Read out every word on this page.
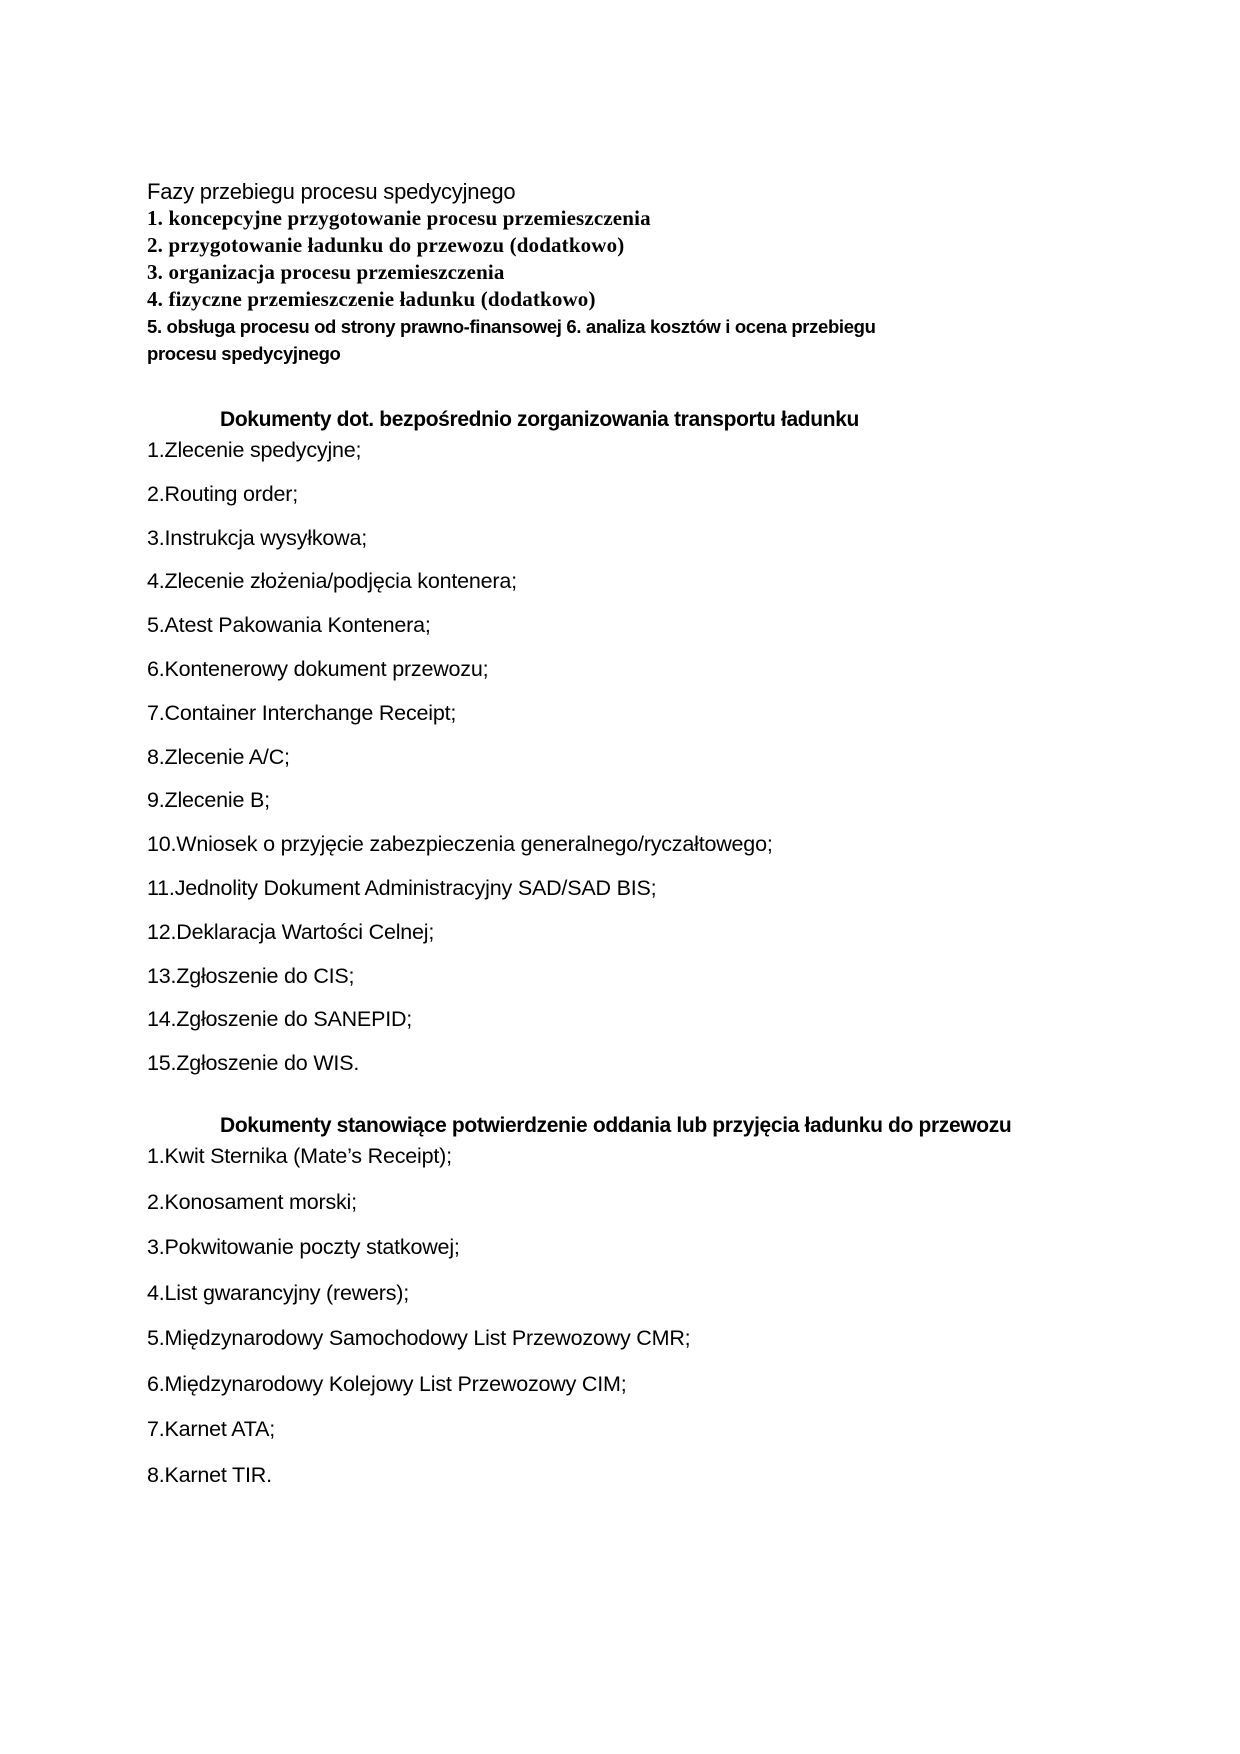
Fazy przebiegu procesu spedycyjnego
1. koncepcyjne przygotowanie procesu przemieszczenia
2. przygotowanie ładunku do przewozu (dodatkowo)
3. organizacja procesu przemieszczenia
4. fizyczne przemieszczenie ładunku (dodatkowo)
5. obsługa procesu od strony prawno-finansowej 6. analiza kosztów i ocena przebiegu
procesu spedycyjnego
Dokumenty dot. bezpośrednio zorganizowania transportu ładunku
1.Zlecenie spedycyjne;
2.Routing order;
3.Instrukcja wysyłkowa;
4.Zlecenie złożenia/podjęcia kontenera;
5.Atest Pakowania Kontenera;
6.Kontenerowy dokument przewozu;
7.Container Interchange Receipt;
8.Zlecenie A/C;
9.Zlecenie B;
10.Wniosek o przyjęcie zabezpieczenia generalnego/ryczałtowego;
11.Jednolity Dokument Administracyjny SAD/SAD BIS;
12.Deklaracja Wartości Celnej;
13.Zgłoszenie do CIS;
14.Zgłoszenie do SANEPID;
15.Zgłoszenie do WIS.
Dokumenty stanowiące potwierdzenie oddania lub przyjęcia ładunku do przewozu
1.Kwit Sternika (Mate’s Receipt);
2.Konosament morski;
3.Pokwitowanie poczty statkowej;
4.List gwarancyjny (rewers);
5.Międzynarodowy Samochodowy List Przewozowy CMR;
6.Międzynarodowy Kolejowy List Przewozowy CIM;
7.Karnet ATA;
8.Karnet TIR.
